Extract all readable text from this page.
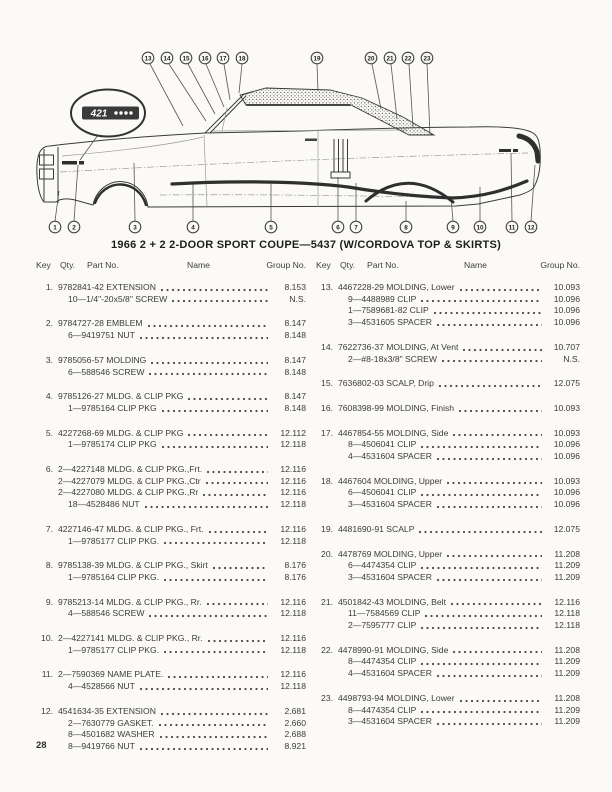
421
13 14 15 16 17 18	19	20 21 22 23
1 2	3	4	5	6 7	8	9	10	11 12
1966 2 + 2 2-DOOR SPORT COUPE—5437 (W/CORDOVA TOP & SKIRTS)
Key	Qty.	Part No.	Name	Group No.
1. 9782841-42 EXTENSION	8.153
10—1/4"-20x5/8" SCREW	N.S.
2. 9784727-28 EMBLEM	8.147
6—9419751 NUT	8.148
3. 9785056-57 MOLDING	8.147
6—588546 SCREW	8.148
4. 9785126-27 MLDG. & CLIP PKG	8.147
1—9785164 CLIP PKG	8.148
5. 4227268-69 MLDG. & CLIP PKG	12.112
1—9785174 CLIP PKG	12.118
6. 2—4227148 MLDG. & CLIP PKG.,Frt.	12.116
2—4227079 MLDG. & CLIP PKG.,Ctr	12.116
2—4227080 MLDG. & CLIP PKG.,Rr	12.116
18—4528486 NUT	12.118
7. 4227146-47 MLDG. & CLIP PKG., Frt.	12.116
1—9785177 CLIP PKG.	12.118
8. 9785138-39 MLDG. & CLIP PKG., Skirt	8.176
1—9785164 CLIP PKG.	8.176
9. 9785213-14 MLDG. & CLIP PKG., Rr.	12.116
4—588546 SCREW	12.118
10. 2—4227141 MLDG. & CLIP PKG., Rr.	12.116
1—9785177 CLIP PKG.	12.118
11. 2—7590369 NAME PLATE.	12.116
4—4528566 NUT	12.118
12. 4541634-35 EXTENSION	2.681
2—7630779 GASKET.	2.660
8—4501682 WASHER	2.688
8—9419766 NUT	8.921
Key	Qty.	Part No.	Name	Group No.
13. 4467228-29 MOLDING, Lower	10.093
9—4488989 CLIP	10.096
1—7589681-82 CLIP	10.096
3—4531605 SPACER	10.096
14. 7622736-37 MOLDING, At Vent	10.707
2—#8-18x3/8" SCREW	N.S.
15. 7636802-03 SCALP, Drip	12.075
16. 7608398-99 MOLDING, Finish	10.093
17. 4467854-55 MOLDING, Side	10.093
8—4506041 CLIP	10.096
4—4531604 SPACER	10.096
18. 4467604 MOLDING, Upper	10.093
6—4506041 CLIP	10.096
3—4531604 SPACER	10.096
19. 4481690-91 SCALP	12.075
20. 4478769 MOLDING, Upper	11.208
6—4474354 CLIP	11.209
3—4531604 SPACER	11.209
21. 4501842-43 MOLDING, Belt	12.116
11—7584569 CLIP	12.118
2—7595777 CLIP	12.118
22. 4478990-91 MOLDING, Side	11.208
8—4474354 CLIP	11.209
4—4531604 SPACER	11.209
23. 4498793-94 MOLDING, Lower	11.208
8—4474354 CLIP	11.209
3—4531604 SPACER	11.209
28
